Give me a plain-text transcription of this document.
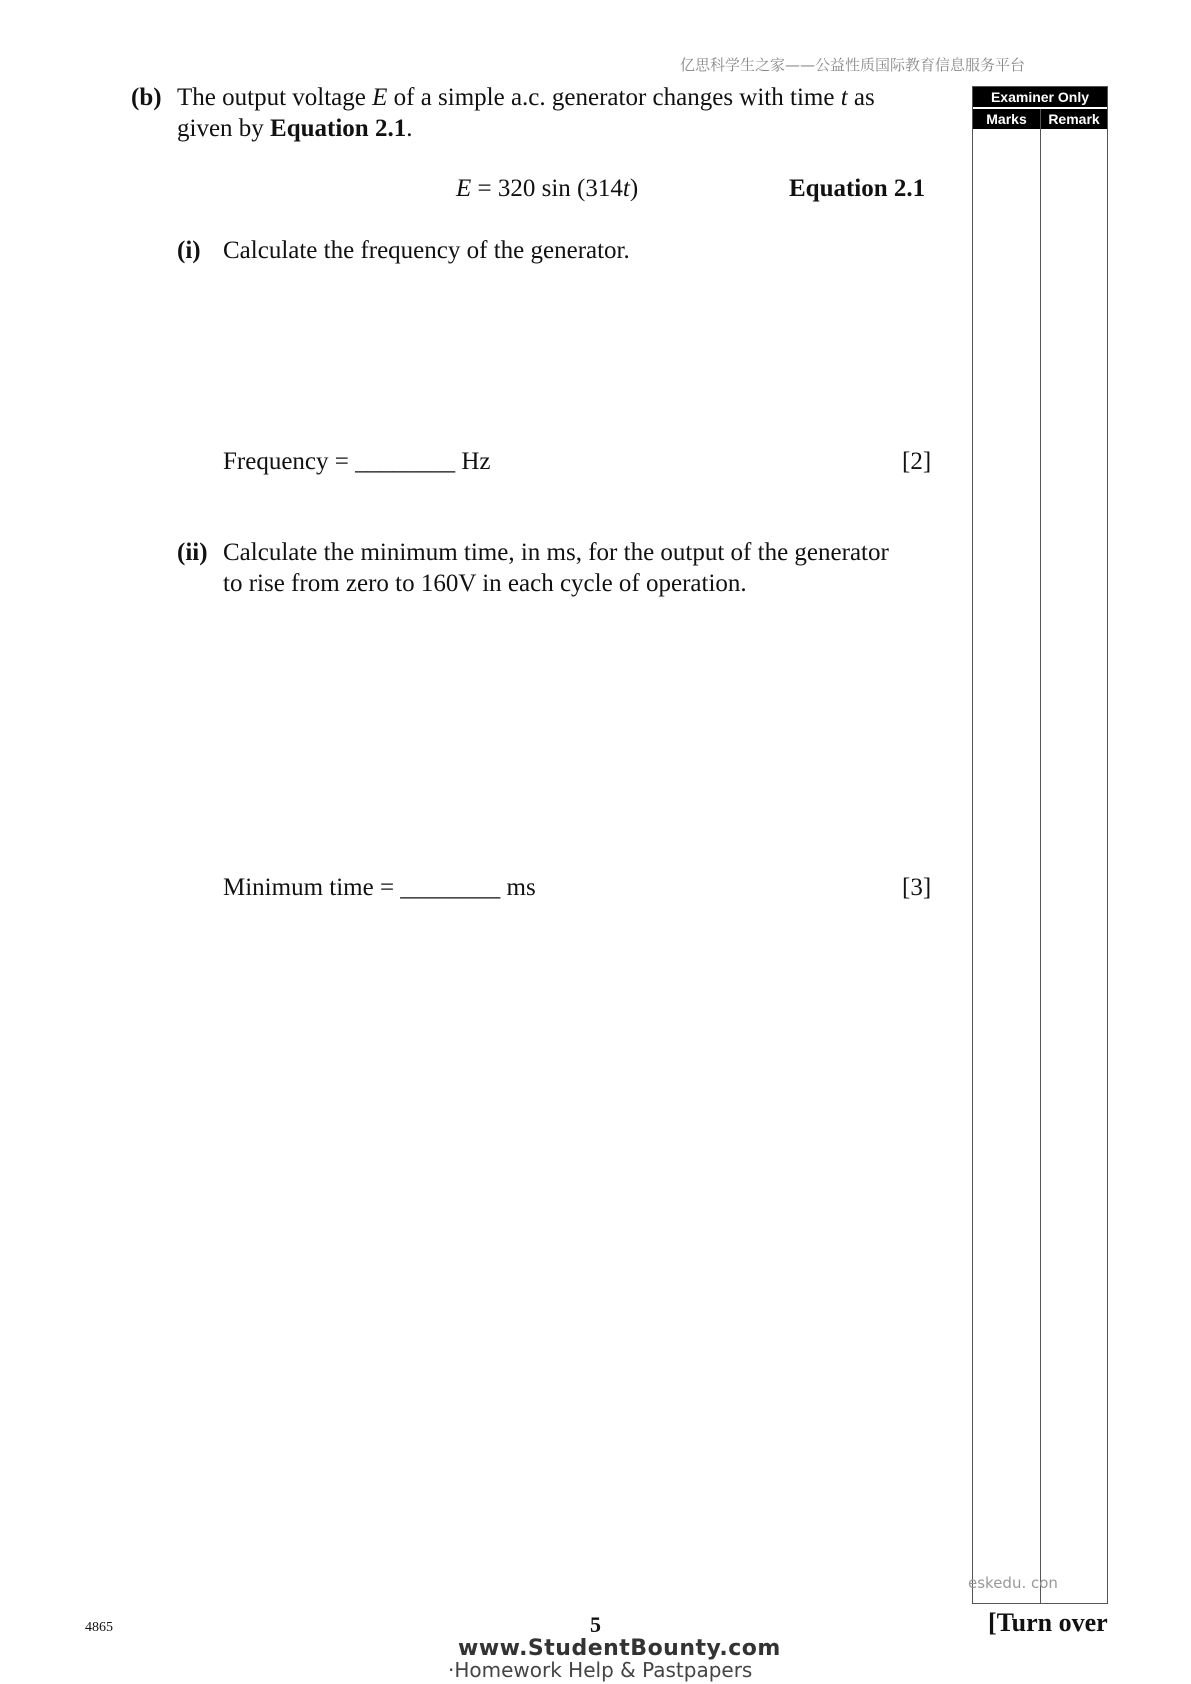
亿思科学生之家——公益性质国际教育信息服务平台
(b) The output voltage E of a simple a.c. generator changes with time t as
given by Equation 2.1.
E = 320 sin (314t)	Equation 2.1
(i) Calculate the frequency of the generator.
Frequency = ________ Hz	[2]
(ii) Calculate the minimum time, in ms, for the output of the generator
to rise from zero to 160V in each cycle of operation.
Minimum time = ________ ms	[3]
Examiner Only
Marks	Remark
eskedu. con
4865	5	[Turn over
www.StudentBounty.com
·Homework Help & Pastpapers
